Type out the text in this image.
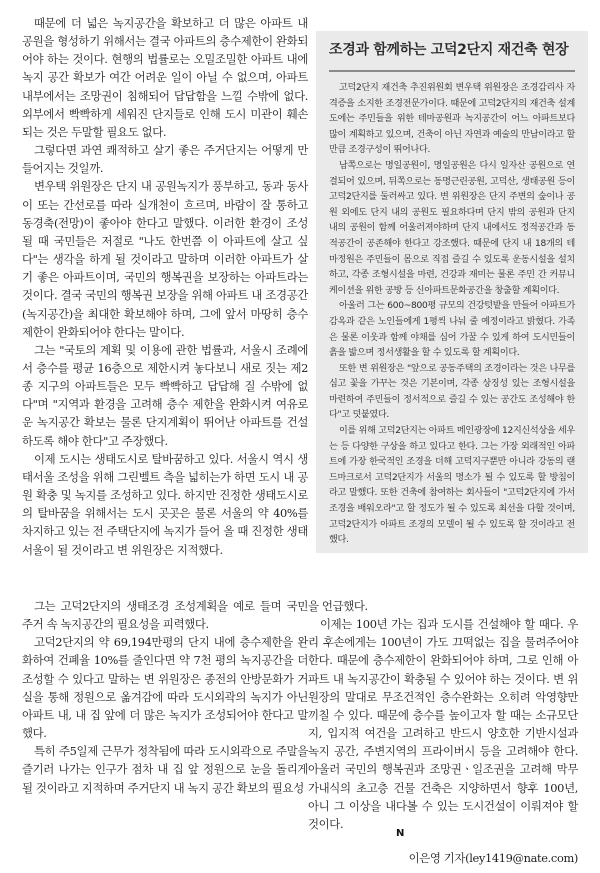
때문에 더 넓은 녹지공간을 확보하고 더 많은 아파트 내 공원을 형성하기 위해서는 결국 아파트의 층수제한이 완화되어야 하는 것이다. 현행의 법률로는 오밀조밀한 아파트 내에 녹지 공간 확보가 여간 어려운 일이 아닐 수 없으며, 아파트 내부에서는 조망권이 침해되어 답답함을 느낄 수밖에 없다. 외부에서 빡빡하게 세워진 단지들로 인해 도시 미관이 훼손되는 것은 두말할 필요도 없다.

그렇다면 과연 쾌적하고 살기 좋은 주거단지는 어떻게 만들어지는 것일까.

변우택 위원장은 단지 내 공원녹지가 풍부하고, 동과 동사이 또는 간선로를 따라 실개천이 흐르며, 바람이 잘 통하고 동경축(전망)이 좋아야 한다고 말했다. 이러한 환경이 조성될 때 국민들은 저절로 "나도 한번쯤 이 아파트에 살고 싶다"는 생각을 하게 될 것이라고 말하며 이러한 아파트가 살기 좋은 아파트이며, 국민의 행복권을 보장하는 아파트라는 것이다. 결국 국민의 행복권 보장을 위해 아파트 내 조경공간(녹지공간)을 최대한 확보해야 하며, 그에 앞서 마땅히 층수제한이 완화되어야 한다는 말이다.

그는 "국토의 계획 및 이용에 관한 법률과, 서울시 조례에서 층수를 평균 16층으로 제한시켜 놓다보니 새로 짓는 제2종 지구의 아파트들은 모두 빡빡하고 답답해 질 수밖에 없다"며 "지역과 환경을 고려해 층수 제한을 완화시켜 여유로운 녹지공간 확보는 물론 단지계획이 뛰어난 아파트를 건설하도록 해야 한다"고 주장했다.

이제 도시는 생태도시로 탈바꿈하고 있다. 서울시 역시 생태서울 조성을 위해 그린벨트 측을 넓히는가 하면 도시 내 공원 확충 및 녹지를 조성하고 있다. 하지만 진정한 생태도시로의 탈바꿈을 위해서는 도시 곳곳은 물론 서울의 약 40%를 차지하고 있는 전 주택단지에 녹지가 들어 올 때 진정한 생태서울이 될 것이라고 변 위원장은 지적했다.

조경과 함께하는 고덕2단지 재건축 현장

고덕2단지 재건축 추진위원회 변우택 위원장은 조경감리사 자격증을 소지한 조경전문가이다. 때문에 고덕2단지의 재건축 설계도에는 주민들을 위한 테마공원과 녹지공간이 어느 아파트보다 많이 계획하고 있으며, 건축이 아닌 자연과 예술의 만남이라고 할 만큼 조경구성이 뛰어나다.

남쪽으로는 명일공원이, 명일공원은 다시 일자산 공원으로 연결되어 있으며, 뒤쪽으로는 동명근린공원, 고덕산, 생태공원 등이 고덕2단지를 둘러싸고 있다. 변 위원장은 단지 주변의 숲이나 공원 외에도 단지 내의 공원도 필요하다며 단지 밖의 공원과 단지 내의 공원이 함께 어울러져야하며 단지 내에서도 정적공간과 동적공간이 공존해야 한다고 강조했다. 때문에 단지 내 18개의 테마정원은 주민들이 몸으로 직접 즐길 수 있도록 운동시설을 설치하고, 각종 조형시설을 마련, 건강과 재미는 물론 주민 간 커뮤니케이션을 위한 공방 등 신아파트문화공간을 창출할 계획이다.

아울러 그는 600~800평 규모의 건강텃밭을 만들어 아파트가 감옥과 같은 노인들에게 1평씩 나눠 줄 예정이라고 밝혔다. 가족은 물론 이웃과 함께 야채를 심어 가꿀 수 있게 하여 도시민들이 흙을 밟으며 정서생활을 할 수 있도록 할 계획이다.

또한 변 위원장은 "앞으로 공동주택의 조경이라는 것은 나무를 심고 꽃을 가꾸는 것은 기본이며, 각종 상징성 있는 조형시설을 마련하여 주민들이 정서적으로 즐길 수 있는 공간도 조성해야 한다"고 덧붙였다.

이를 위해 고덕2단지는 아파트 메인광장에 12지신석상을 세우는 등 다양한 구상을 하고 있다고 한다. 그는 가장 외래적인 아파트에 가장 한국적인 조경을 더해 고덕지구뿐만 아니라 강동의 랜드마크로서 고덕2단지가 서울의 명소가 될 수 있도록 할 방침이라고 말했다. 또한 건축에 참여하는 회사들이 "고덕2단지에 가서 조경을 배워오라"고 할 정도가 될 수 있도록 최선을 다할 것이며, 고덕2단지가 아파트 조경의 모델이 될 수 있도록 할 것이라고 전했다.

그는 고덕2단지의 생태조경 조성계획을 예로 들며 국민 주거 속 녹지공간의 필요성을 피력했다.

고덕2단지의 약 69,194만평의 단지 내에 층수제한을 완화하여 건폐율 10%를 줄인다면 약 7천 평의 녹지공간을 더 조성할 수 있다고 말하는 변 위원장은 종전의 안방문화가 거실을 통해 정원으로 옮겨감에 따라 도시외곽의 녹지가 아닌 아파트 내, 내 집 앞에 더 많은 녹지가 조성되어야 한다고 말했다.

특히 주5일제 근무가 정착됨에 따라 도시외곽으로 주말을 즐기러 나가는 인구가 점차 내 집 앞 정원으로 눈을 돌리게 될 것이라고 지적하며 주거단지 내 녹지 공간 확보의 필요성

을 언급했다.

이제는 100년 가는 집과 도시를 건설해야 할 때다. 우리 후손에게는 100년이 가도 끄떡없는 집을 물려주어야 한다. 때문에 층수제한이 완화되어야 하며, 그로 인해 아파트 내 녹지공간이 확충될 수 있어야 하는 것이다. 변 위원장의 말대로 무조건적인 층수완화는 오히려 악영향만 끼칠 수 있다. 때문에 층수를 높이고자 할 때는 소규모단지, 입지적 여건을 고려하고 반드시 양호한 기반시설과 녹지 공간, 주변지역의 프라이버시 등을 고려해야 한다. 아울러 국민의 행복권과 조망권ㆍ일조권을 고려해 막무가내식의 초고층 건물 건축은 지양하면서 향후 100년, 아니 그 이상을 내다볼 수 있는 도시건설이 이뤄져야 할 것이다.

N
이은영 기자(ley1419@nate.com)
